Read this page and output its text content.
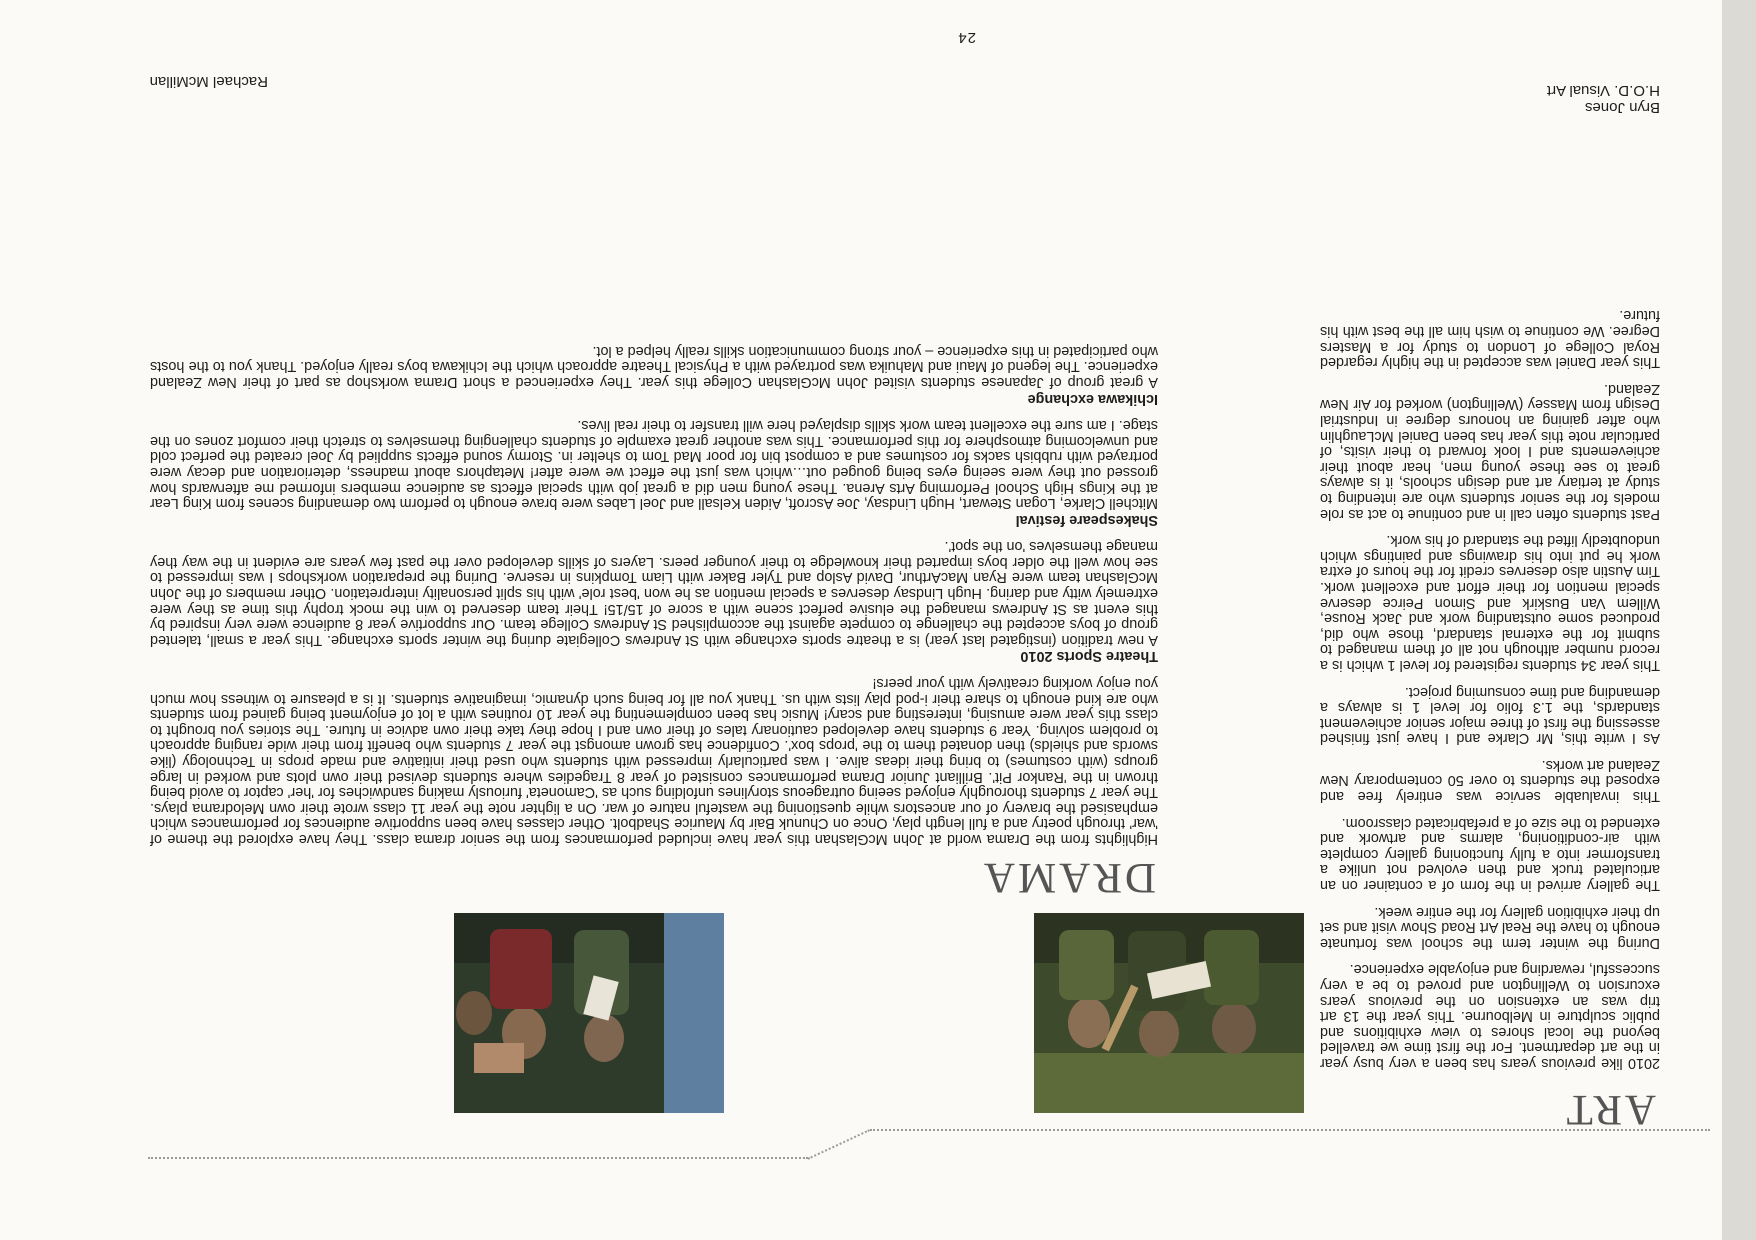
ART

2010 like previous years has been a very busy year in the art department. For the first time we travelled beyond the local shores to view exhibitions and public sculpture in Melbourne. This year the 13 art trip was an extension on the previous years excursion to Wellington and proved to be a very successful, rewarding and enjoyable experience.

During the winter term the school was fortunate enough to have the Real Art Road Show visit and set up their exhibition gallery for the entire week.

The gallery arrived in the form of a container on an articulated truck and then evolved not unlike a transformer into a fully functioning gallery complete with air-conditioning, alarms and artwork and extended to the size of a prefabricated classroom.

This invaluable service was entirely free and exposed the students to over 50 contemporary New Zealand art works.

As I write this, Mr Clarke and I have just finished assessing the first of three major senior achievement standards, the 1.3 folio for level 1 is always a demanding and time consuming project.

This year 34 students registered for level 1 which is a record number although not all of them managed to submit for the external standard, those who did, produced some outstanding work and Jack Rouse, Willem Van Buskirk and Simon Peirce deserve special mention for their effort and excellent work. Tim Austin also deserves credit for the hours of extra work he put into his drawings and paintings which undoubtedly lifted the standard of his work.

Past students often call in and continue to act as role models for the senior students who are intending to study at tertiary art and design schools, it is always great to see these young men, hear about their achievements and I look forward to their visits, of particular note this year has been Daniel McLaughlin who after gaining an honours degree in Industrial Design from Massey (Wellington) worked for Air New Zealand.

This year Daniel was accepted in the highly regarded Royal College of London to study for a Masters Degree. We continue to wish him all the best with his future.

Bryn Jones
H.O.D. Visual Art
DRAMA

Highlights from the Drama world at John McGlashan this year have included performances from the senior drama class. They have explored the theme of 'war' through poetry and a full length play, Once on Chunuk Bair by Maurice Shadbolt. Other classes have been supportive audiences for performances which emphasised the bravery of our ancestors while questioning the wasteful nature of war. On a lighter note the year 11 class wrote their own Melodrama plays. The year 7 students thoroughly enjoyed seeing outrageous storylines unfolding such as 'Camoneta' furiously making sandwiches for 'her' captor to avoid being thrown in the 'Rankor Pit'. Brilliant Junior Drama performances consisted of year 8 Tragedies where students devised their own plots and worked in large groups (with costumes) to bring their ideas alive. I was particularly impressed with students who used their initiative and made props in Technology (like swords and shields) then donated them to the 'props box'. Confidence has grown amongst the year 7 students who benefit from their wide ranging approach to problem solving. Year 9 students have developed cautionary tales of their own and I hope they take their own advice in future. The stories you brought to class this year were amusing, interesting and scary! Music has been complementing the year 10 routines with a lot of enjoyment being gained from students who are kind enough to share their i-pod play lists with us. Thank you all for being such dynamic, imaginative students. It is a pleasure to witness how much you enjoy working creatively with your peers!

Theatre Sports 2010

A new tradition (instigated last year) is a theatre sports exchange with St Andrews Collegiate during the winter sports exchange. This year a small, talented group of boys accepted the challenge to compete against the accomplished St Andrews College team. Our supportive year 8 audience were very inspired by this event as St Andrews managed the elusive perfect scene with a score of 15/15! Their team deserved to win the mock trophy this time as they were extremely witty and daring. Hugh Lindsay deserves a special mention as he won 'best role' with his split personality interpretation. Other members of the John McGlashan team were Ryan MacArthur, David Aslop and Tyler Baker with Liam Tompkins in reserve. During the preparation workshops I was impressed to see how well the older boys imparted their knowledge to their younger peers. Layers of skills developed over the past few years are evident in the way they manage themselves 'on the spot'.

Shakespeare festival

Mitchell Clarke, Logan Stewart, Hugh Lindsay, Joe Ascroft, Aiden Kelsall and Joel Labes were brave enough to perform two demanding scenes from King Lear at the Kings High School Performing Arts Arena. These young men did a great job with special effects as audience members informed me afterwards how grossed out they were seeing eyes being gouged out…which was just the effect we were after! Metaphors about madness, deterioration and decay were portrayed with rubbish sacks for costumes and a compost bin for poor Mad Tom to shelter in. Stormy sound effects supplied by Joel created the perfect cold and unwelcoming atmosphere for this performance. This was another great example of students challenging themselves to stretch their comfort zones on the stage. I am sure the excellent team work skills displayed here will transfer to their real lives.

Ichikawa exchange

A great group of Japanese students visited John McGlashan College this year. They experienced a short Drama workshop as part of their New Zealand experience. The legend of Maui and Mahuika was portrayed with a Physical Theatre approach which the Ichikawa boys really enjoyed. Thank you to the hosts who participated in this experience – your strong communication skills really helped a lot.

Rachael McMillan
24
